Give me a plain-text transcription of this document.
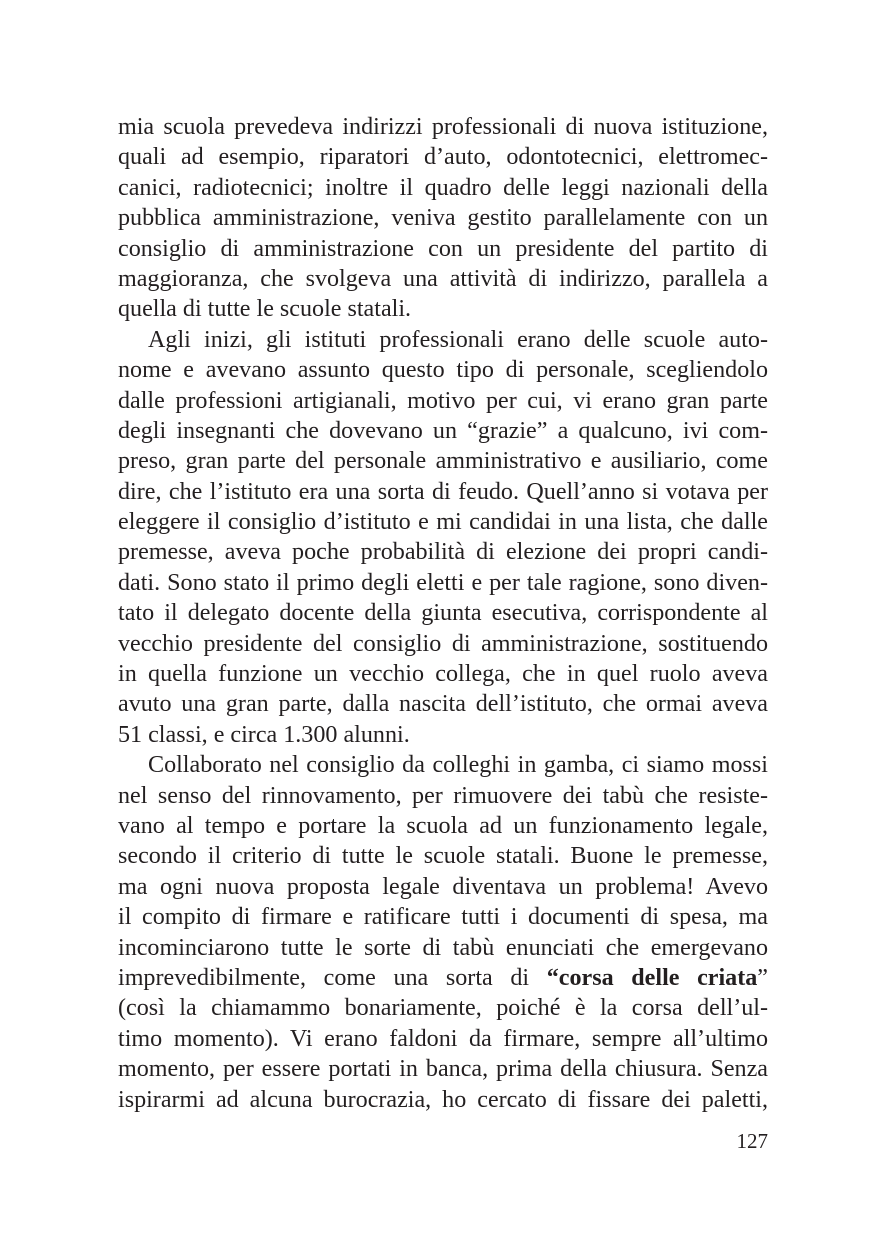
mia scuola prevedeva indirizzi professionali di nuova istituzione,
quali ad esempio, riparatori d’auto, odontotecnici, elettromec-
canici, radiotecnici; inoltre il quadro delle leggi nazionali della
pubblica amministrazione, veniva gestito parallelamente con un
consiglio di amministrazione con un presidente del partito di
maggioranza, che svolgeva una attività di indirizzo, parallela a
quella di tutte le scuole statali.
Agli inizi, gli istituti professionali erano delle scuole auto-
nome e avevano assunto questo tipo di personale, scegliendolo
dalle professioni artigianali, motivo per cui, vi erano gran parte
degli insegnanti che dovevano un “grazie” a qualcuno, ivi com-
preso, gran parte del personale amministrativo e ausiliario, come
dire, che l’istituto era una sorta di feudo. Quell’anno si votava per
eleggere il consiglio d’istituto e mi candidai in una lista, che dalle
premesse, aveva poche probabilità di elezione dei propri candi-
dati. Sono stato il primo degli eletti e per tale ragione, sono diven-
tato il delegato docente della giunta esecutiva, corrispondente al
vecchio presidente del consiglio di amministrazione, sostituendo
in quella funzione un vecchio collega, che in quel ruolo aveva
avuto una gran parte, dalla nascita dell’istituto, che ormai aveva
51 classi, e circa 1.300 alunni.
Collaborato nel consiglio da colleghi in gamba, ci siamo mossi
nel senso del rinnovamento, per rimuovere dei tabù che resiste-
vano al tempo e portare la scuola ad un funzionamento legale,
secondo il criterio di tutte le scuole statali. Buone le premesse,
ma ogni nuova proposta legale diventava un problema! Avevo
il compito di firmare e ratificare tutti i documenti di spesa, ma
incominciarono tutte le sorte di tabù enunciati che emergevano
imprevedibilmente, come una sorta di “corsa delle criata”
(così la chiamammo bonariamente, poiché è la corsa dell’ul-
timo momento). Vi erano faldoni da firmare, sempre all’ultimo
momento, per essere portati in banca, prima della chiusura. Senza
ispirarmi ad alcuna burocrazia, ho cercato di fissare dei paletti,
127
